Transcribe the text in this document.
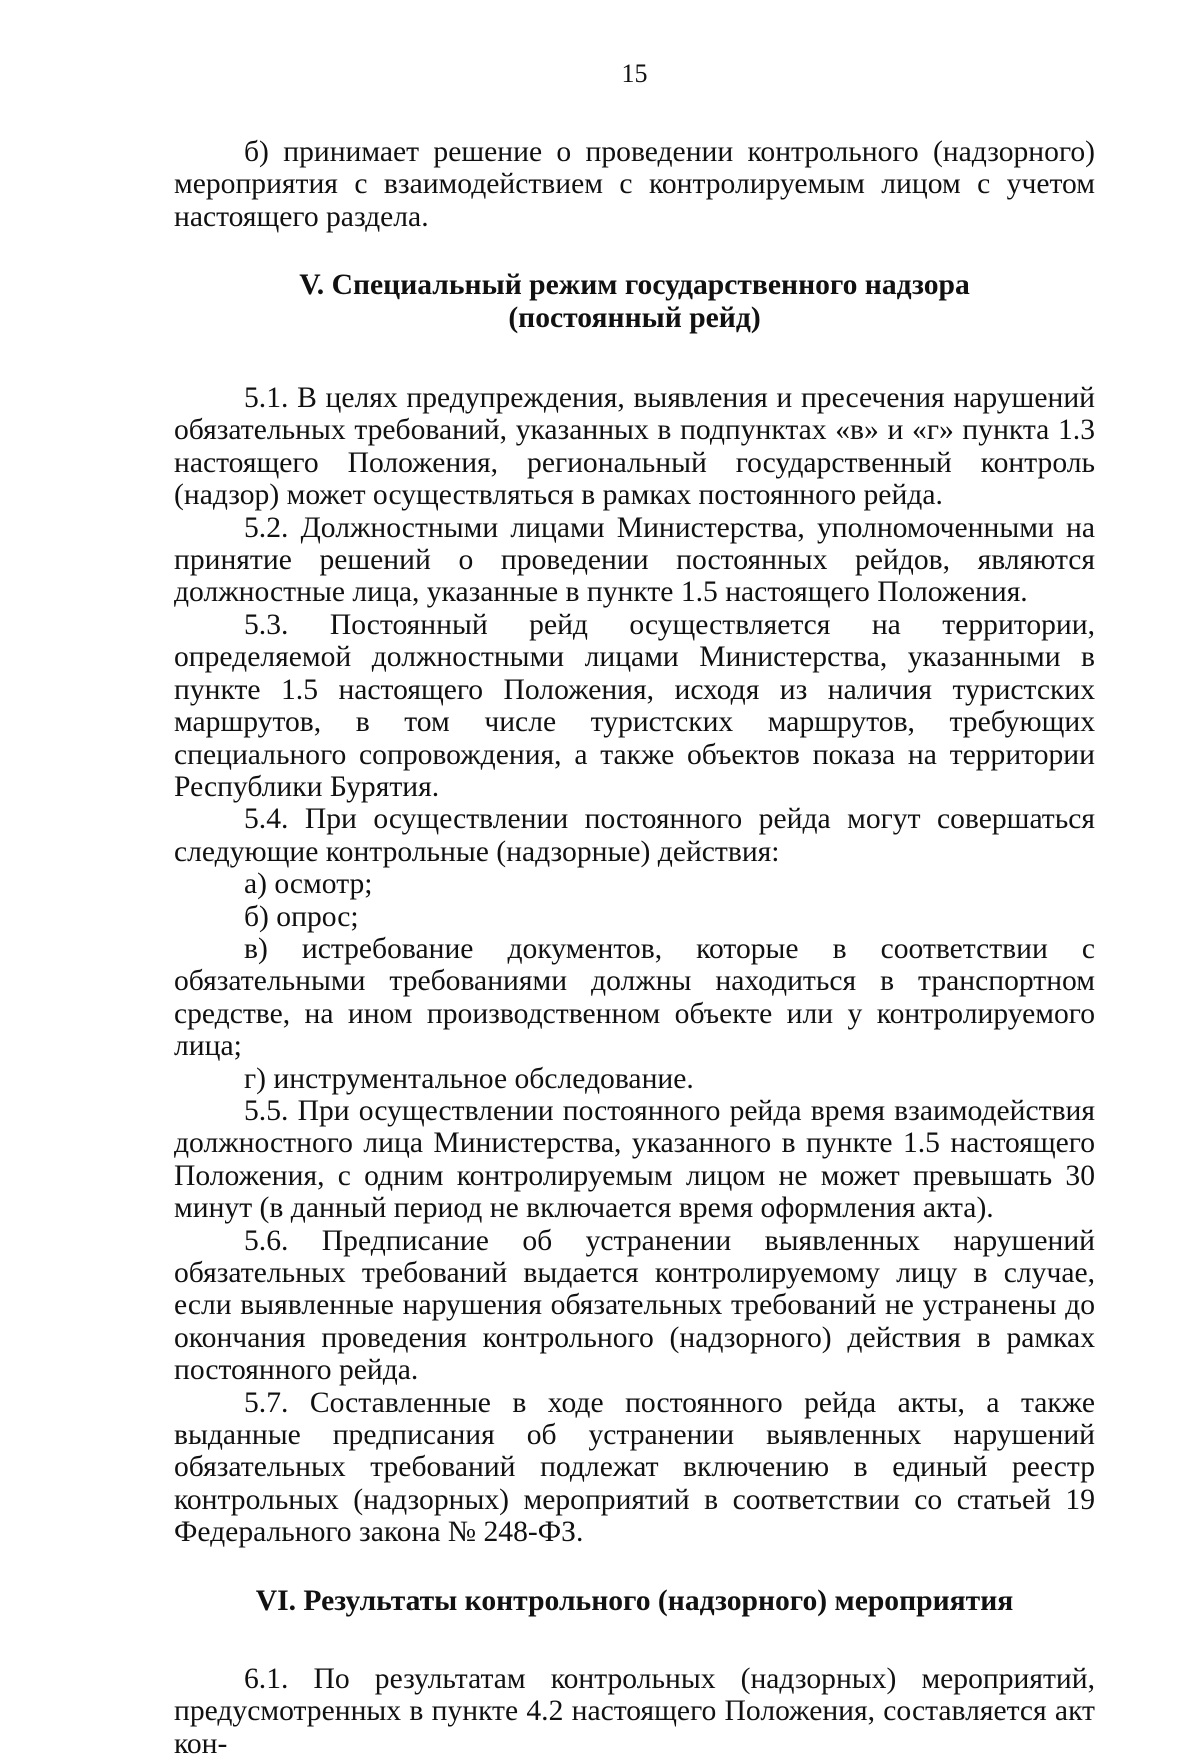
15

б) принимает решение о проведении контрольного (надзорного) мероприятия с взаимодействием с контролируемым лицом с учетом настоящего раздела.

V. Специальный режим государственного надзора
(постоянный рейд)

5.1. В целях предупреждения, выявления и пресечения нарушений обязательных требований, указанных в подпунктах «в» и «г» пункта 1.3 настоящего Положения, региональный государственный контроль (надзор) может осуществляться в рамках постоянного рейда.

5.2. Должностными лицами Министерства, уполномоченными на принятие решений о проведении постоянных рейдов, являются должностные лица, указанные в пункте 1.5 настоящего Положения.

5.3. Постоянный рейд осуществляется на территории, определяемой должностными лицами Министерства, указанными в пункте 1.5 настоящего Положения, исходя из наличия туристских маршрутов, в том числе туристских маршрутов, требующих специального сопровождения, а также объектов показа на территории Республики Бурятия.

5.4. При осуществлении постоянного рейда могут совершаться следующие контрольные (надзорные) действия:

а) осмотр;

б) опрос;

в) истребование документов, которые в соответствии с обязательными требованиями должны находиться в транспортном средстве, на ином производственном объекте или у контролируемого лица;

г) инструментальное обследование.

5.5. При осуществлении постоянного рейда время взаимодействия должностного лица Министерства, указанного в пункте 1.5 настоящего Положения, с одним контролируемым лицом не может превышать 30 минут (в данный период не включается время оформления акта).

5.6. Предписание об устранении выявленных нарушений обязательных требований выдается контролируемому лицу в случае, если выявленные нарушения обязательных требований не устранены до окончания проведения контрольного (надзорного) действия в рамках постоянного рейда.

5.7. Составленные в ходе постоянного рейда акты, а также выданные предписания об устранении выявленных нарушений обязательных требований подлежат включению в единый реестр контрольных (надзорных) мероприятий в соответствии со статьей 19 Федерального закона № 248-ФЗ.

VI. Результаты контрольного (надзорного) мероприятия

6.1. По результатам контрольных (надзорных) мероприятий, предусмотренных в пункте 4.2 настоящего Положения, составляется акт кон-
